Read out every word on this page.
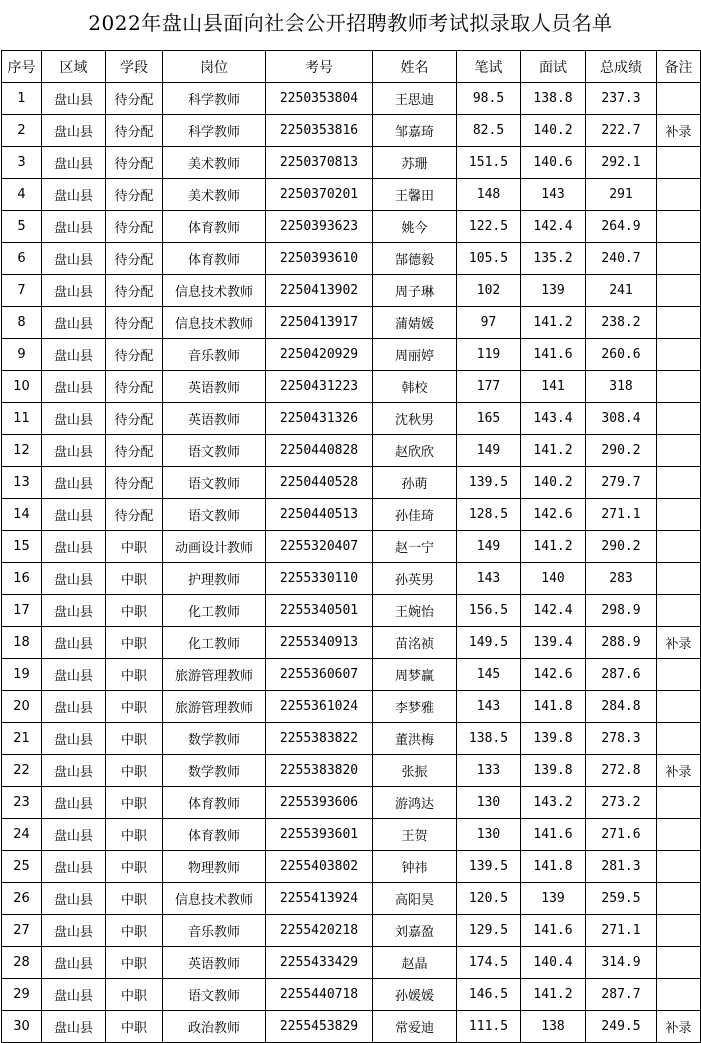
2022年盘山县面向社会公开招聘教师考试拟录取人员名单
序号	区域	学段	岗位	考号	姓名	笔试	面试	总成绩	备注
1	盘山县	待分配	科学教师	2250353804	王思迪	98.5	138.8	237.3	
2	盘山县	待分配	科学教师	2250353816	邹嘉琦	82.5	140.2	222.7	补录
3	盘山县	待分配	美术教师	2250370813	苏珊	151.5	140.6	292.1	
4	盘山县	待分配	美术教师	2250370201	王馨田	148	143	291	
5	盘山县	待分配	体育教师	2250393623	姚今	122.5	142.4	264.9	
6	盘山县	待分配	体育教师	2250393610	郜德毅	105.5	135.2	240.7	
7	盘山县	待分配	信息技术教师	2250413902	周子琳	102	139	241	
8	盘山县	待分配	信息技术教师	2250413917	蒲婧媛	97	141.2	238.2	
9	盘山县	待分配	音乐教师	2250420929	周丽婷	119	141.6	260.6	
10	盘山县	待分配	英语教师	2250431223	韩校	177	141	318	
11	盘山县	待分配	英语教师	2250431326	沈秋男	165	143.4	308.4	
12	盘山县	待分配	语文教师	2250440828	赵欣欣	149	141.2	290.2	
13	盘山县	待分配	语文教师	2250440528	孙萌	139.5	140.2	279.7	
14	盘山县	待分配	语文教师	2250440513	孙佳琦	128.5	142.6	271.1	
15	盘山县	中职	动画设计教师	2255320407	赵一宁	149	141.2	290.2	
16	盘山县	中职	护理教师	2255330110	孙英男	143	140	283	
17	盘山县	中职	化工教师	2255340501	王婉怡	156.5	142.4	298.9	
18	盘山县	中职	化工教师	2255340913	苗洺祯	149.5	139.4	288.9	补录
19	盘山县	中职	旅游管理教师	2255360607	周梦赢	145	142.6	287.6	
20	盘山县	中职	旅游管理教师	2255361024	李梦雅	143	141.8	284.8	
21	盘山县	中职	数学教师	2255383822	董洪梅	138.5	139.8	278.3	
22	盘山县	中职	数学教师	2255383820	张振	133	139.8	272.8	补录
23	盘山县	中职	体育教师	2255393606	游鸿达	130	143.2	273.2	
24	盘山县	中职	体育教师	2255393601	王贺	130	141.6	271.6	
25	盘山县	中职	物理教师	2255403802	钟祎	139.5	141.8	281.3	
26	盘山县	中职	信息技术教师	2255413924	高阳昊	120.5	139	259.5	
27	盘山县	中职	音乐教师	2255420218	刘嘉盈	129.5	141.6	271.1	
28	盘山县	中职	英语教师	2255433429	赵晶	174.5	140.4	314.9	
29	盘山县	中职	语文教师	2255440718	孙媛媛	146.5	141.2	287.7	
30	盘山县	中职	政治教师	2255453829	常爱迪	111.5	138	249.5	补录
